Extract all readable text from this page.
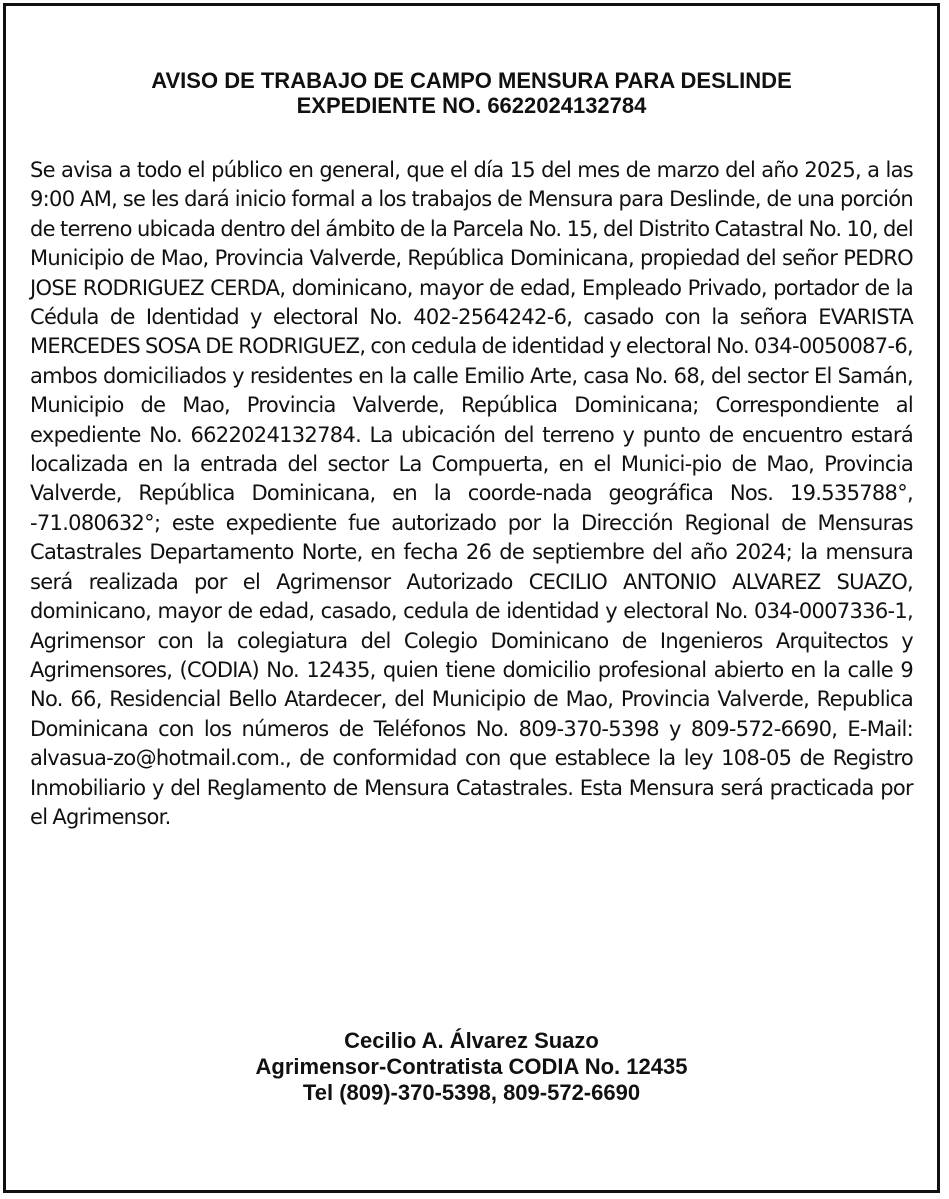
AVISO DE TRABAJO DE CAMPO MENSURA PARA DESLINDE
EXPEDIENTE NO. 6622024132784

Se avisa a todo el público en general, que el día 15 del mes de marzo del año 2025, a las 9:00 AM, se les dará inicio formal a los trabajos de Mensura para Deslinde, de una porción de terreno ubicada dentro del ámbito de la Parcela No. 15, del Distrito Catastral No. 10, del Municipio de Mao, Provincia Valverde, República Dominicana, propiedad del señor PEDRO JOSE RODRIGUEZ CERDA, dominicano, mayor de edad, Empleado Privado, portador de la Cédula de Identidad y electoral No. 402-2564242-6, casado con la señora EVARISTA MERCEDES SOSA DE RODRIGUEZ, con cedula de identidad y electoral No. 034-0050087-6, ambos domiciliados y residentes en la calle Emilio Arte, casa No. 68, del sector El Samán, Municipio de Mao, Provincia Valverde, República Dominicana; Correspondiente al expediente No. 6622024132784. La ubicación del terreno y punto de encuentro estará localizada en la entrada del sector La Compuerta, en el Munici-pio de Mao, Provincia Valverde, República Dominicana, en la coorde-nada geográfica Nos. 19.535788°, -71.080632°; este expediente fue autorizado por la Dirección Regional de Mensuras Catastrales Departamento Norte, en fecha 26 de septiembre del año 2024; la mensura será realizada por el Agrimensor Autorizado CECILIO ANTONIO ALVAREZ SUAZO, dominicano, mayor de edad, casado, cedula de identidad y electoral No. 034-0007336-1, Agrimensor con la colegiatura del Colegio Dominicano de Ingenieros Arquitectos y Agrimensores, (CODIA) No. 12435, quien tiene domicilio profesional abierto en la calle 9 No. 66, Residencial Bello Atardecer, del Municipio de Mao, Provincia Valverde, Republica Dominicana con los números de Teléfonos No. 809-370-5398 y 809-572-6690, E-Mail: alvasua-zo@hotmail.com., de conformidad con que establece la ley 108-05 de Registro Inmobiliario y del Reglamento de Mensura Catastrales. Esta Mensura será practicada por el Agrimensor.

Cecilio A. Álvarez Suazo
Agrimensor-Contratista CODIA No. 12435
Tel (809)-370-5398, 809-572-6690
